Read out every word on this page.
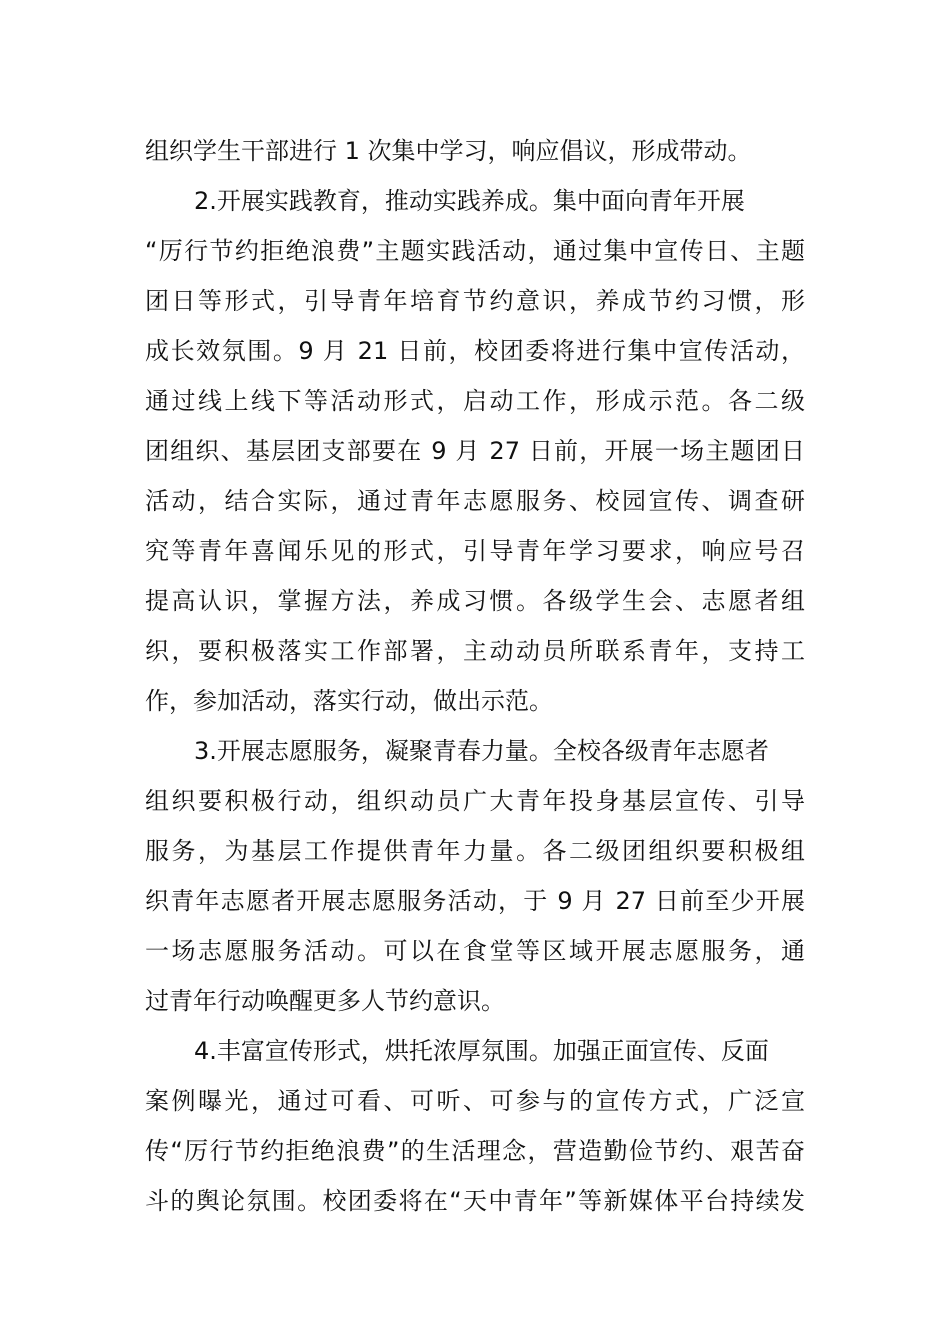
组织学生干部进行 1 次集中学习，响应倡议，形成带动。
2.开展实践教育，推动实践养成。集中面向青年开展
“厉行节约拒绝浪费”主题实践活动，通过集中宣传日、主题
团日等形式，引导青年培育节约意识，养成节约习惯，形
成长效氛围。9 月 21 日前，校团委将进行集中宣传活动，
通过线上线下等活动形式，启动工作，形成示范。各二级
团组织、基层团支部要在 9 月 27 日前，开展一场主题团日
活动，结合实际，通过青年志愿服务、校园宣传、调查研
究等青年喜闻乐见的形式，引导青年学习要求，响应号召
提高认识，掌握方法，养成习惯。各级学生会、志愿者组
织，要积极落实工作部署，主动动员所联系青年，支持工
作，参加活动，落实行动，做出示范。
3.开展志愿服务，凝聚青春力量。全校各级青年志愿者
组织要积极行动，组织动员广大青年投身基层宣传、引导
服务，为基层工作提供青年力量。各二级团组织要积极组
织青年志愿者开展志愿服务活动，于 9 月 27 日前至少开展
一场志愿服务活动。可以在食堂等区域开展志愿服务，通
过青年行动唤醒更多人节约意识。
4.丰富宣传形式，烘托浓厚氛围。加强正面宣传、反面
案例曝光，通过可看、可听、可参与的宣传方式，广泛宣
传“厉行节约拒绝浪费”的生活理念，营造勤俭节约、艰苦奋
斗的舆论氛围。校团委将在“天中青年”等新媒体平台持续发
